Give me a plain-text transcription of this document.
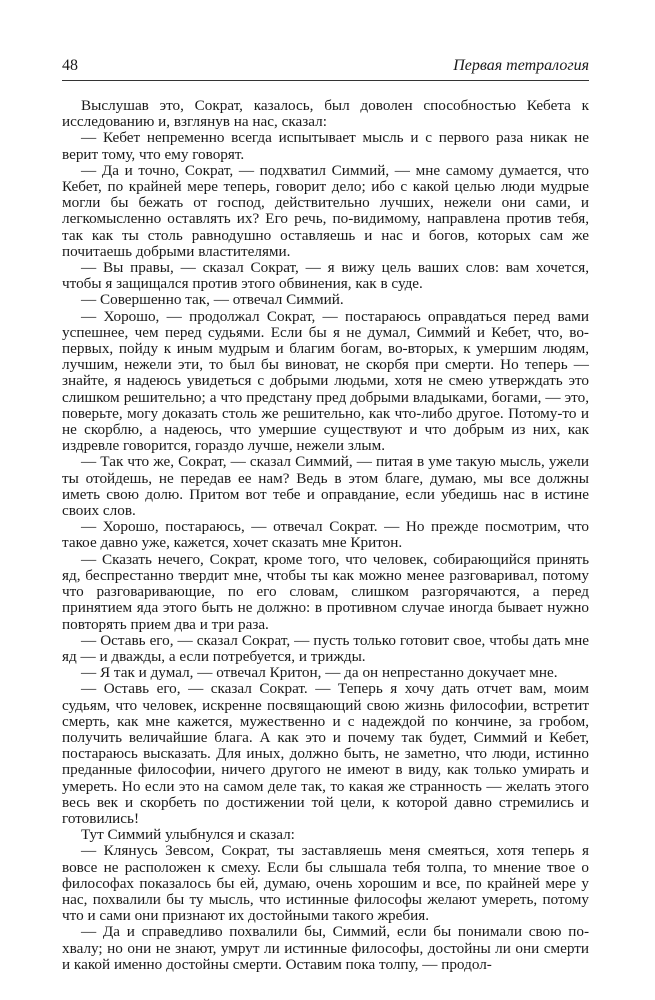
48	Первая тетралогия

Выслушав это, Сократ, казалось, был доволен способностью Кебета к исследованию и, взглянув на нас, сказал:

— Кебет непременно всегда испытывает мысль и с первого раза никак не верит тому, что ему говорят.

— Да и точно, Сократ, — подхватил Симмий, — мне самому думается, что Кебет, по крайней мере теперь, говорит дело; ибо с какой целью люди мудрые могли бы бежать от господ, действительно лучших, нежели они сами, и легкомысленно оставлять их? Его речь, по-видимому, направлена против тебя, так как ты столь равнодушно оставляешь и нас и богов, которых сам же почитаешь добрыми властителями.

— Вы правы, — сказал Сократ, — я вижу цель ваших слов: вам хочется, чтобы я защищался против этого обвинения, как в суде.

— Совершенно так, — отвечал Симмий.

— Хорошо, — продолжал Сократ, — постараюсь оправдаться перед вами успешнее, чем перед судьями. Если бы я не думал, Симмий и Кебет, что, во-первых, пойду к иным мудрым и благим богам, во-вторых, к умершим людям, лучшим, нежели эти, то был бы виноват, не скорбя при смерти. Но теперь — знайте, я надеюсь увидеться с добрыми людьми, хотя не смею утверждать это слишком решительно; а что предстану пред добрыми владыками, богами, — это, поверьте, могу доказать столь же решительно, как что-либо другое. Потому-то и не скорблю, а надеюсь, что умершие существуют и что добрым из них, как издревле говорится, гораздо лучше, нежели злым.

— Так что же, Сократ, — сказал Симмий, — питая в уме такую мысль, ужели ты отойдешь, не передав ее нам? Ведь в этом благе, думаю, мы все должны иметь свою долю. Притом вот тебе и оправдание, если убедишь нас в истине своих слов.

— Хорошо, постараюсь, — отвечал Сократ. — Но прежде посмотрим, что такое давно уже, кажется, хочет сказать мне Критон.

— Сказать нечего, Сократ, кроме того, что человек, собирающийся принять яд, беспрестанно твердит мне, чтобы ты как можно менее разговаривал, потому что разговаривающие, по его словам, слишком разгорячаются, а перед принятием яда этого быть не должно: в противном случае иногда бывает нужно повторять прием два и три раза.

— Оставь его, — сказал Сократ, — пусть только готовит свое, чтобы дать мне яд — и дважды, а если потребуется, и трижды.

— Я так и думал, — отвечал Критон, — да он непрестанно докучает мне.

— Оставь его, — сказал Сократ. — Теперь я хочу дать отчет вам, моим судьям, что человек, искренне посвящающий свою жизнь философии, встретит смерть, как мне кажется, мужественно и с надеждой по кончине, за гробом, получить величайшие блага. А как это и почему так будет, Симмий и Кебет, постараюсь высказать. Для иных, должно быть, не заметно, что люди, истинно преданные философии, ничего другого не имеют в виду, как только умирать и умереть. Но если это на самом деле так, то какая же странность — желать этого весь век и скорбеть по достижении той цели, к которой давно стремились и готовились!

Тут Симмий улыбнулся и сказал:

— Клянусь Зевсом, Сократ, ты заставляешь меня смеяться, хотя теперь я вовсе не расположен к смеху. Если бы слышала тебя толпа, то мнение твое о философах показалось бы ей, думаю, очень хорошим и все, по крайней мере у нас, похвалили бы ту мысль, что истинные философы желают умереть, потому что и сами они признают их достойными такого жребия.

— Да и справедливо похвалили бы, Симмий, если бы понимали свою похвалу; но они не знают, умрут ли истинные философы, достойны ли они смерти и какой именно достойны смерти. Оставим пока толпу, — продол-
